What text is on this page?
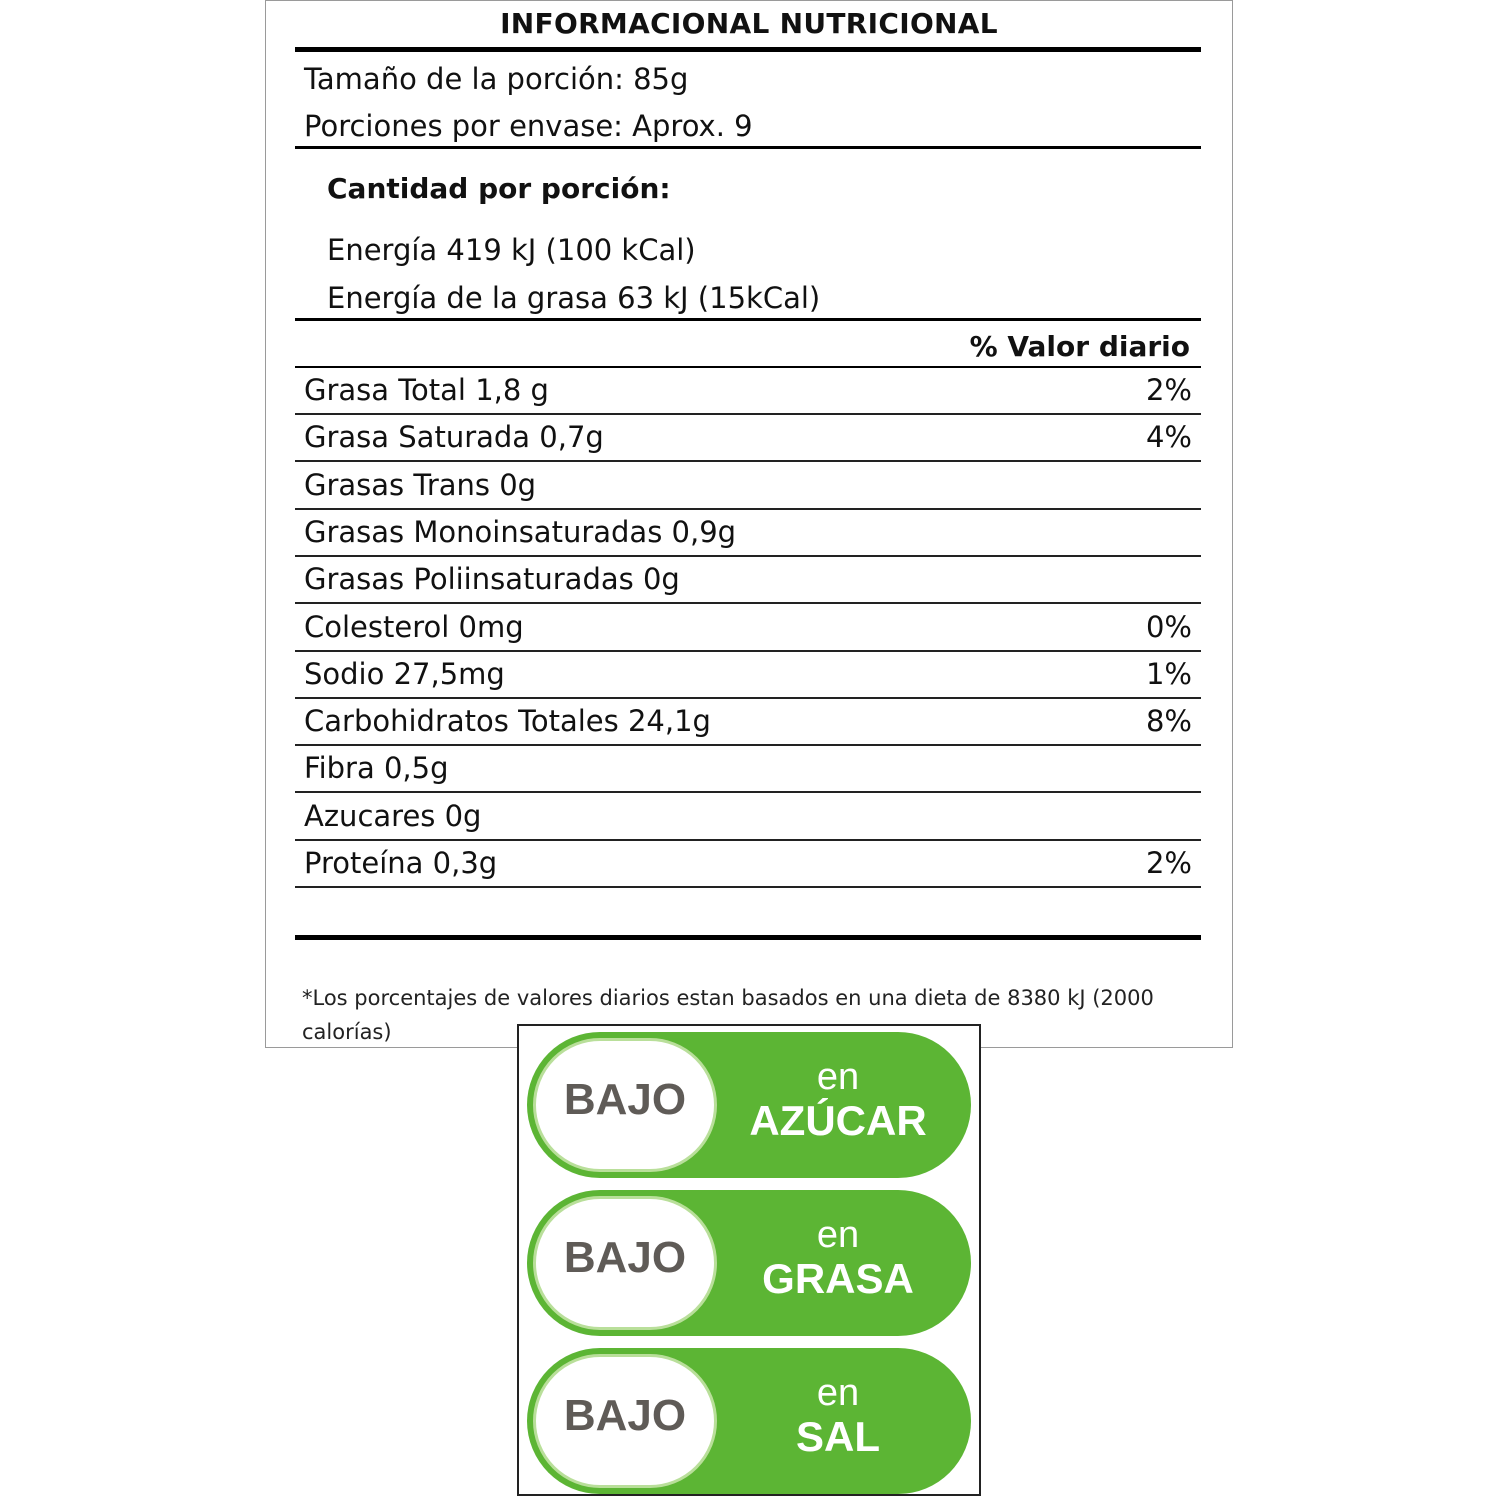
INFORMACIONAL NUTRICIONAL
Tamaño de la porción: 85g
Porciones por envase: Aprox. 9
Cantidad por porción:
Energía 419 kJ (100 kCal)
Energía de la grasa 63 kJ (15kCal)
% Valor diario
Grasa Total 1,8 g	2%
Grasa Saturada 0,7g	4%
Grasas Trans 0g
Grasas Monoinsaturadas 0,9g
Grasas Poliinsaturadas 0g
Colesterol 0mg	0%
Sodio 27,5mg	1%
Carbohidratos Totales 24,1g	8%
Fibra 0,5g
Azucares 0g
Proteína 0,3g	2%
*Los porcentajes de valores diarios estan basados en una dieta de 8380 kJ (2000 calorías)
BAJO	en
AZÚCAR
BAJO	en
GRASA
BAJO	en
SAL
